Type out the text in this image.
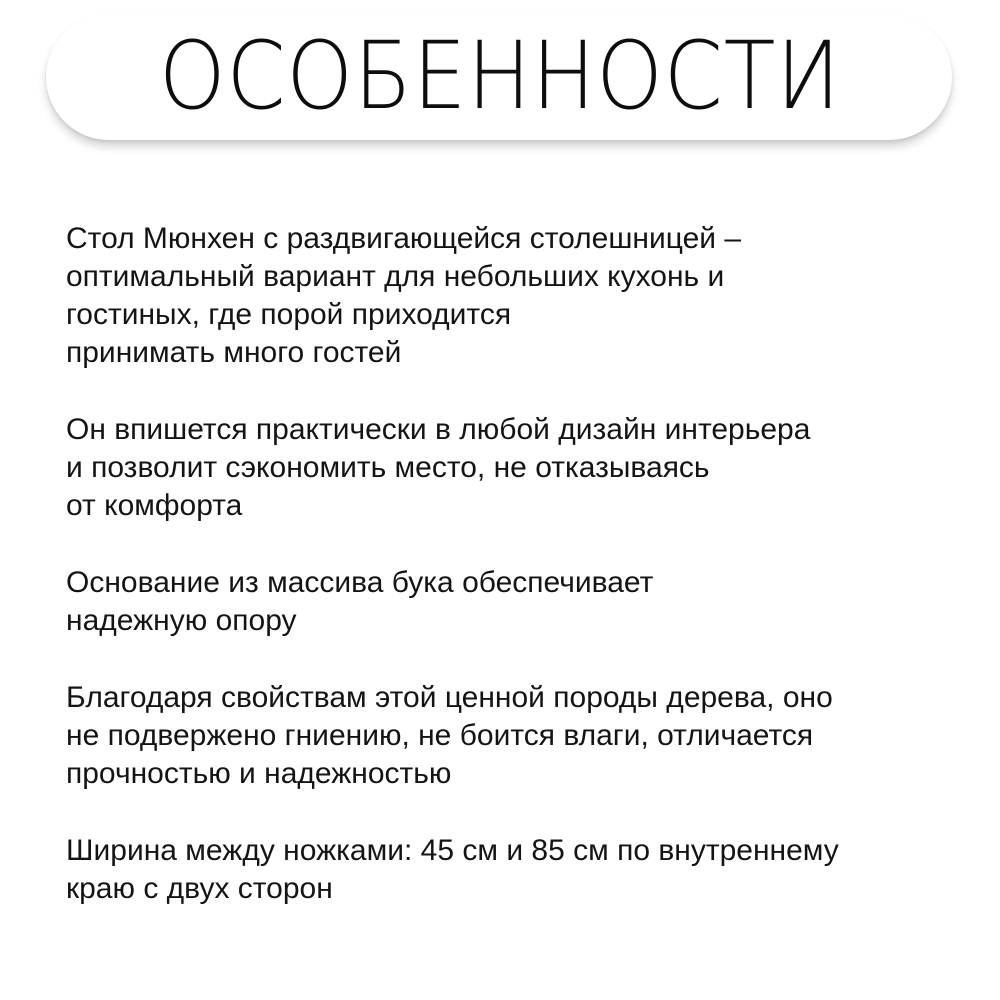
ОСОБЕННОСТИ
Стол Мюнхен с раздвигающейся столешницей –
оптимальный вариант для небольших кухонь и
гостиных, где порой приходится
принимать много гостей
Он впишется практически в любой дизайн интерьера
и позволит сэкономить место, не отказываясь
от комфорта
Основание из массива бука обеспечивает
надежную опору
Благодаря свойствам этой ценной породы дерева, оно
не подвержено гниению, не боится влаги, отличается
прочностью и надежностью
Ширина между ножками: 45 см и 85 см по внутреннему
краю с двух сторон
